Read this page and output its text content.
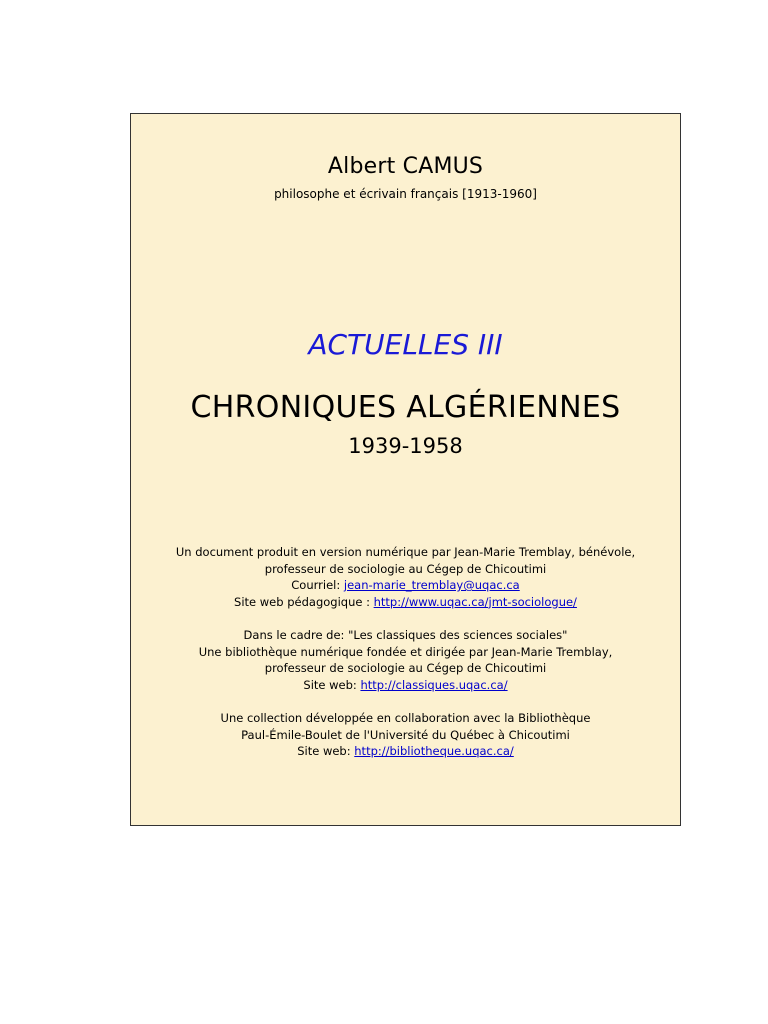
Albert CAMUS
philosophe et écrivain français [1913-1960]
ACTUELLES III
CHRONIQUES ALGÉRIENNES
1939-1958
Un document produit en version numérique par Jean-Marie Tremblay, bénévole,
professeur de sociologie au Cégep de Chicoutimi
Courriel: jean-marie_tremblay@uqac.ca
Site web pédagogique : http://www.uqac.ca/jmt-sociologue/
Dans le cadre de: "Les classiques des sciences sociales"
Une bibliothèque numérique fondée et dirigée par Jean-Marie Tremblay,
professeur de sociologie au Cégep de Chicoutimi
Site web: http://classiques.uqac.ca/
Une collection développée en collaboration avec la Bibliothèque
Paul-Émile-Boulet de l'Université du Québec à Chicoutimi
Site web: http://bibliotheque.uqac.ca/
